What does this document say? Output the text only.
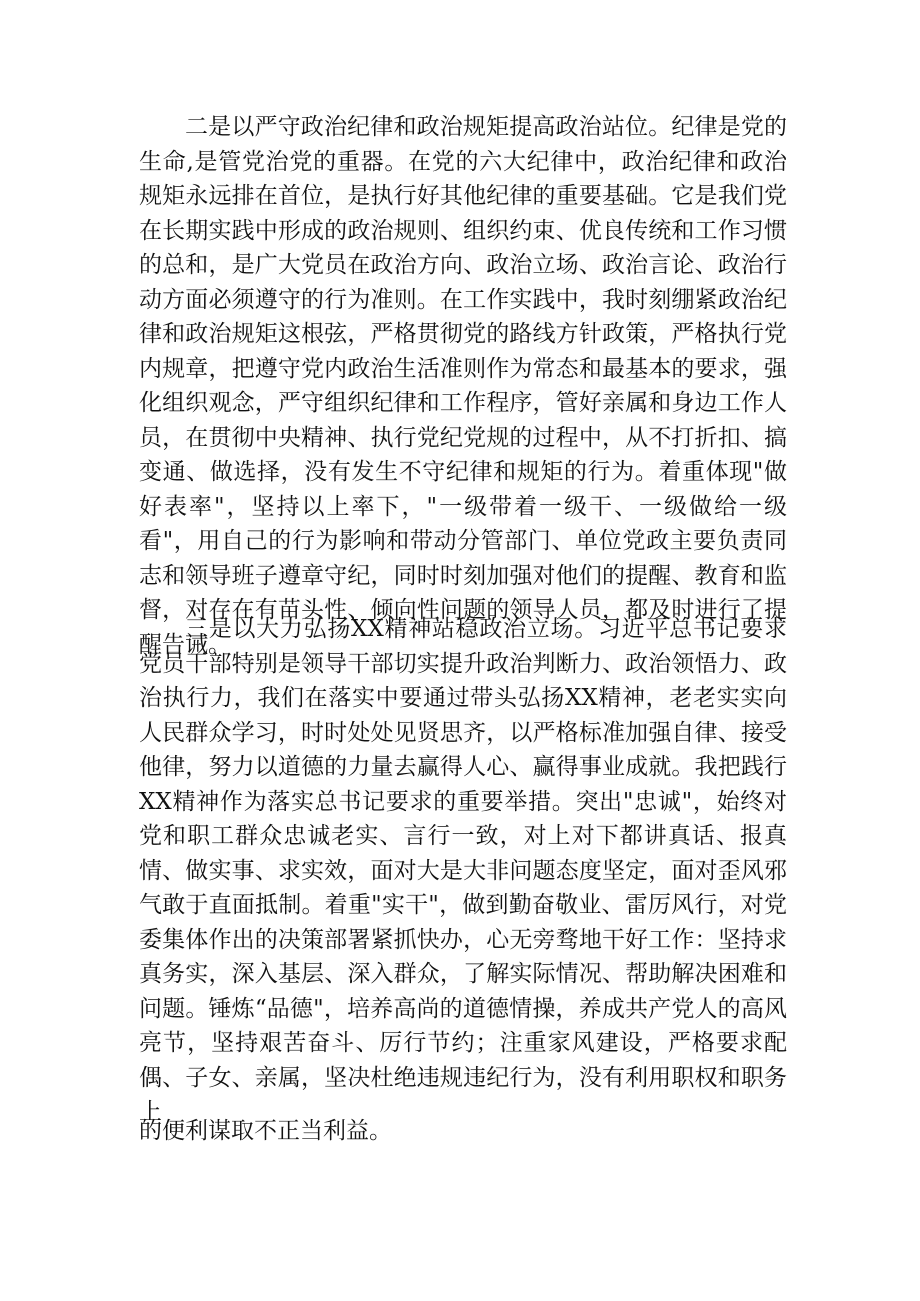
二是以严守政治纪律和政治规矩提高政治站位。纪律是党的生命,是管党治党的重器。在党的六大纪律中，政治纪律和政治规矩永远排在首位，是执行好其他纪律的重要基础。它是我们党在长期实践中形成的政治规则、组织约束、优良传统和工作习惯的总和，是广大党员在政治方向、政治立场、政治言论、政治行动方面必须遵守的行为准则。在工作实践中，我时刻绷紧政治纪律和政治规矩这根弦，严格贯彻党的路线方针政策，严格执行党内规章，把遵守党内政治生活准则作为常态和最基本的要求，强化组织观念，严守组织纪律和工作程序，管好亲属和身边工作人员，在贯彻中央精神、执行党纪党规的过程中，从不打折扣、搞变通、做选择，没有发生不守纪律和规矩的行为。着重体现"做好表率"，坚持以上率下，"一级带着一级干、一级做给一级看"，用自己的行为影响和带动分管部门、单位党政主要负责同志和领导班子遵章守纪，同时时刻加强对他们的提醒、教育和监督，对存在有苗头性、倾向性问题的领导人员，都及时进行了提醒告诫。

三是以大力弘扬XX精神站稳政治立场。习近平总书记要求党员干部特别是领导干部切实提升政治判断力、政治领悟力、政治执行力，我们在落实中要通过带头弘扬XX精神，老老实实向人民群众学习，时时处处见贤思齐，以严格标准加强自律、接受他律，努力以道德的力量去赢得人心、赢得事业成就。我把践行XX精神作为落实总书记要求的重要举措。突出"忠诚"，始终对党和职工群众忠诚老实、言行一致，对上对下都讲真话、报真情、做实事、求实效，面对大是大非问题态度坚定，面对歪风邪气敢于直面抵制。着重"实干"，做到勤奋敬业、雷厉风行，对党委集体作出的决策部署紧抓快办，心无旁骛地干好工作：坚持求真务实，深入基层、深入群众，了解实际情况、帮助解决困难和问题。锤炼“品德"，培养高尚的道德情操，养成共产党人的高风亮节，坚持艰苦奋斗、厉行节约；注重家风建设，严格要求配偶、子女、亲属，坚决杜绝违规违纪行为，没有利用职权和职务上

的便利谋取不正当利益。
